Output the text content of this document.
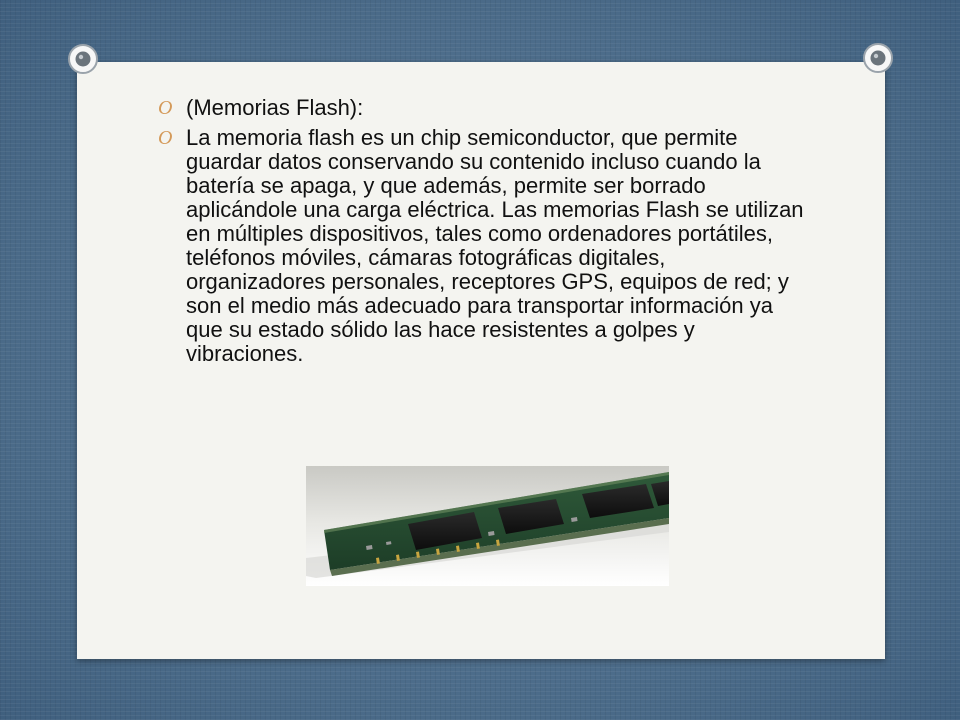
O (Memorias Flash):
O La memoria flash es un chip semiconductor, que permite guardar datos conservando su contenido incluso cuando la batería se apaga, y que además, permite ser borrado aplicándole una carga eléctrica. Las memorias Flash se utilizan en múltiples dispositivos, tales como ordenadores portátiles, teléfonos móviles, cámaras fotográficas digitales, organizadores personales, receptores GPS, equipos de red; y son el medio más adecuado para transportar información ya que su estado sólido las hace resistentes a golpes y vibraciones.
